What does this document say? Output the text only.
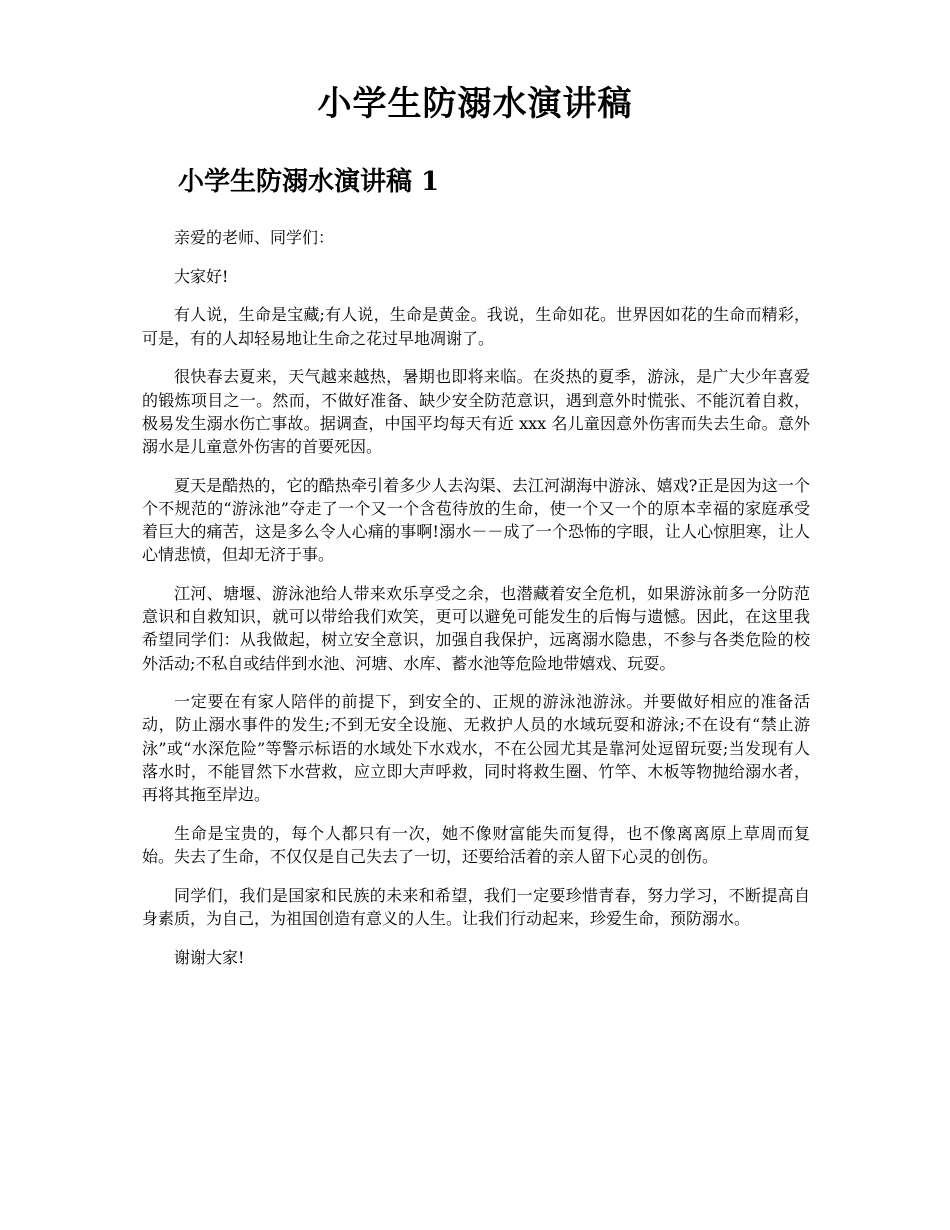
小学生防溺水演讲稿
小学生防溺水演讲稿 1

亲爱的老师、同学们：

大家好!

有人说，生命是宝藏;有人说，生命是黄金。我说，生命如花。世界因如花的生命而精彩，可是，有的人却轻易地让生命之花过早地凋谢了。

很快春去夏来，天气越来越热，暑期也即将来临。在炎热的夏季，游泳，是广大少年喜爱的锻炼项目之一。然而，不做好准备、缺少安全防范意识，遇到意外时慌张、不能沉着自救，极易发生溺水伤亡事故。据调查，中国平均每天有近 xxx 名儿童因意外伤害而失去生命。意外溺水是儿童意外伤害的首要死因。

夏天是酷热的，它的酷热牵引着多少人去沟渠、去江河湖海中游泳、嬉戏?正是因为这一个个不规范的“游泳池”夺走了一个又一个含苞待放的生命，使一个又一个的原本幸福的家庭承受着巨大的痛苦，这是多么令人心痛的事啊!溺水－－成了一个恐怖的字眼，让人心惊胆寒，让人心情悲愤，但却无济于事。

江河、塘堰、游泳池给人带来欢乐享受之余，也潜藏着安全危机，如果游泳前多一分防范意识和自救知识，就可以带给我们欢笑，更可以避免可能发生的后悔与遗憾。因此，在这里我希望同学们：从我做起，树立安全意识，加强自我保护，远离溺水隐患，不参与各类危险的校外活动;不私自或结伴到水池、河塘、水库、蓄水池等危险地带嬉戏、玩耍。

一定要在有家人陪伴的前提下，到安全的、正规的游泳池游泳。并要做好相应的准备活动，防止溺水事件的发生;不到无安全设施、无救护人员的水域玩耍和游泳;不在设有“禁止游泳”或“水深危险”等警示标语的水域处下水戏水，不在公园尤其是靠河处逗留玩耍;当发现有人落水时，不能冒然下水营救，应立即大声呼救，同时将救生圈、竹竿、木板等物抛给溺水者，再将其拖至岸边。

生命是宝贵的，每个人都只有一次，她不像财富能失而复得，也不像离离原上草周而复始。失去了生命，不仅仅是自己失去了一切，还要给活着的亲人留下心灵的创伤。

同学们，我们是国家和民族的未来和希望，我们一定要珍惜青春，努力学习，不断提高自身素质，为自己，为祖国创造有意义的人生。让我们行动起来，珍爱生命，预防溺水。

谢谢大家!
